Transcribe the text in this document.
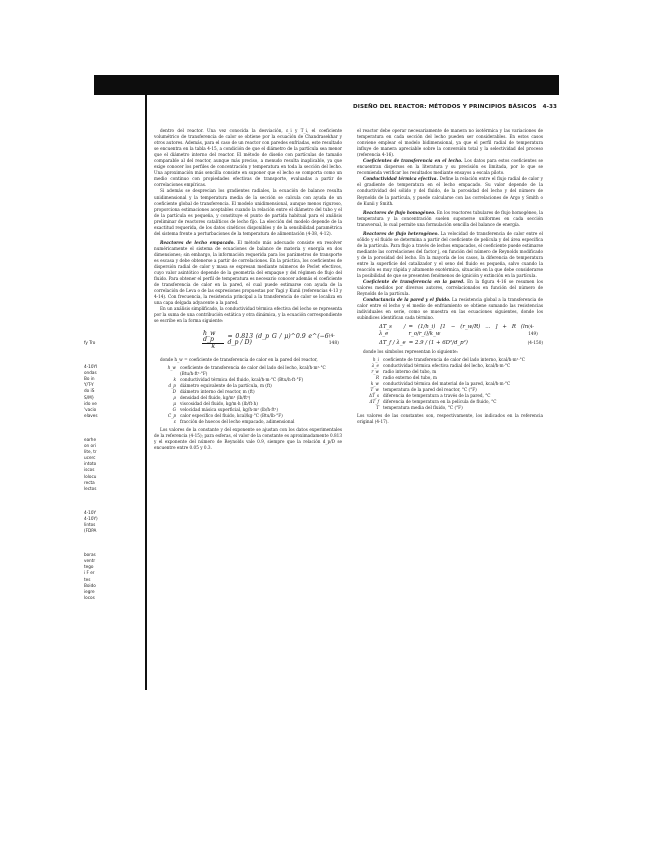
DISEÑO DEL REACTOR: MÉTODOS Y PRINCIPIOS BÁSICOS 4-33
fy Tro
4-10YI
ondas
Bo in
Y/T-Y
do iS
S/M}
ido ve
'vacio
elaves
earhe
on ori
lite, tr
ucerc
intoto
iscos
lolocu
recta
lectos
4-10Y
4-10Y)
lintos
(FDPA
boras
ventr
tego
i F er
tes
Boido
iegre
locos

dentro del reactor. Una vez conocida la desviación, ε_i y T_i, el coeficiente volumétrico de transferencia de calor se obtiene por la ecuación de Chandrasekhar y otros autores. Además, para el caso de un reactor con paredes enfriadas, este resultado se encuentra en la tabla 4-15, a condición de que el diámetro de la partícula sea menor que el diámetro interno del reactor. El método de diseño con partículas de tamaño comparable al del reactor, aunque más preciso, a menudo resulta inaplicable, ya que exige conocer los perfiles de concentración y temperatura en toda la sección del lecho. Una aproximación más sencilla consiste en suponer que el lecho se comporta como un medio continuo con propiedades efectivas de transporte, evaluadas a partir de correlaciones empíricas.

Si además se desprecian los gradientes radiales, la ecuación de balance resulta unidimensional y la temperatura media de la sección se calcula con ayuda de un coeficiente global de transferencia. El modelo unidimensional, aunque menos riguroso, proporciona estimaciones aceptables cuando la relación entre el diámetro del tubo y el de la partícula es pequeña, y constituye el punto de partida habitual para el análisis preliminar de reactores catalíticos de lecho fijo. La elección del modelo depende de la exactitud requerida, de los datos cinéticos disponibles y de la sensibilidad paramétrica del sistema frente a perturbaciones de la temperatura de alimentación (4-38, 4-12).

Reactores de lecho empacado. El método más adecuado consiste en resolver numéricamente el sistema de ecuaciones de balance de materia y energía en dos dimensiones; sin embargo, la información requerida para los parámetros de transporte es escasa y debe obtenerse a partir de correlaciones. En la práctica, los coeficientes de dispersión radial de calor y masa se expresan mediante números de Peclet efectivos, cuyo valor asintótico depende de la geometría del empaque y del régimen de flujo del fluido. Para obtener el perfil de temperatura es necesario conocer además el coeficiente de transferencia de calor en la pared, el cual puede estimarse con ayuda de la correlación de Leva o de las expresiones propuestas por Yagi y Kunii (referencias 4-13 y 4-14). Con frecuencia, la resistencia principal a la transferencia de calor se localiza en una capa delgada adyacente a la pared.

En un análisis simplificado, la conductividad térmica efectiva del lecho se representa por la suma de una contribución estática y otra dinámica, y la ecuación correspondiente se escribe en la forma siguiente:

$\frac{\text{h\_w d\_p}}{k} = 0.813$ (d_p G / μ)^0.9 e^(−6 d_p / D)
(4-148)

donde h_w = coeficiente de transferencia de calor en la pared del reactor,

h_w coeficiente de transferencia de calor del lado del lecho, kcal/h·m²·°C (Btu/h·ft²·°F)
k conductividad térmica del fluido, kcal/h·m·°C (Btu/h·ft·°F)
d_p diámetro equivalente de la partícula, m (ft)
D diámetro interno del reactor, m (ft)
ρ densidad del fluido, kg/m³ (lb/ft³)
μ viscosidad del fluido, kg/m·h (lb/ft·h)
G velocidad másica superficial, kg/h·m² (lb/h·ft²)
C_p calor específico del fluido, kcal/kg·°C (Btu/lb·°F)
ε fracción de huecos del lecho empacado, adimensional

Los valores de la constante y del exponente se ajustan con los datos experimentales de la referencia (4-15); para esferas, el valor de la constante es aproximadamente 0.813 y el exponente del número de Reynolds vale 0.9, siempre que la relación d_p/D se encuentre entre 0.05 y 0.3.

el reactor debe operar necesariamente de manera no isotérmica y las variaciones de temperatura en cada sección del lecho pueden ser considerables. En estos casos conviene emplear el modelo bidimensional, ya que el perfil radial de temperatura influye de manera apreciable sobre la conversión total y la selectividad del proceso (referencia 4-16).

Coeficientes de transferencia en el lecho. Los datos para estos coeficientes se encuentran dispersos en la literatura y su precisión es limitada, por lo que se recomienda verificar los resultados mediante ensayos a escala piloto.

Conductividad térmica efectiva. Define la relación entre el flujo radial de calor y el gradiente de temperatura en el lecho empacado. Su valor depende de la conductividad del sólido y del fluido, de la porosidad del lecho y del número de Reynolds de la partícula, y puede calcularse con las correlaciones de Argo y Smith o de Kunii y Smith.

Reactores de flujo homogéneo. En los reactores tubulares de flujo homogéneo, la temperatura y la concentración suelen suponerse uniformes en cada sección transversal, lo cual permite una formulación sencilla del balance de energía.

Reactores de flujo heterogéneo. La velocidad de transferencia de calor entre el sólido y el fluido se determina a partir del coeficiente de película y del área específica de la partícula. Para flujo a través de lechos empacados, el coeficiente puede estimarse mediante las correlaciones del factor j, en función del número de Reynolds modificado y de la porosidad del lecho. En la mayoría de los casos, la diferencia de temperatura entre la superficie del catalizador y el seno del fluido es pequeña, salvo cuando la reacción es muy rápida y altamente exotérmica, situación en la que debe considerarse la posibilidad de que se presenten fenómenos de ignición y extinción en la partícula.

Coeficiente de transferencia en la pared. En la figura 4-16 se resumen los valores medidos por diversos autores, correlacionados en función del número de Reynolds de la partícula.

Conductancia de la pared y el fluido. La resistencia global a la transferencia de calor entre el lecho y el medio de enfriamiento se obtiene sumando las resistencias individuales en serie, como se muestra en las ecuaciones siguientes, donde los subíndices identifican cada término.

ΔT_s / λ_e
= (1/h_i) [1 − (r_w/R) ... ] + R (ln r_o/r_i)/k_w
(4-149)
ΔT_f / λ_e = 2.9 / (1 + 6D²/d_p²)	(4-150)

donde los símbolos representan lo siguiente:

h_i coeficiente de transferencia de calor del lado interno, kcal/h·m²·°C
λ_e conductividad térmica efectiva radial del lecho, kcal/h·m·°C
r_w radio interno del tubo, m
R radio externo del tubo, m
k_w conductividad térmica del material de la pared, kcal/h·m·°C
T_w temperatura de la pared del reactor, °C (°F)
ΔT_s diferencia de temperatura a través de la pared, °C
ΔT_f diferencia de temperatura en la película de fluido, °C
T temperatura media del fluido, °C (°F)

Los valores de las constantes son, respectivamente, los indicados en la referencia original (4-17).
